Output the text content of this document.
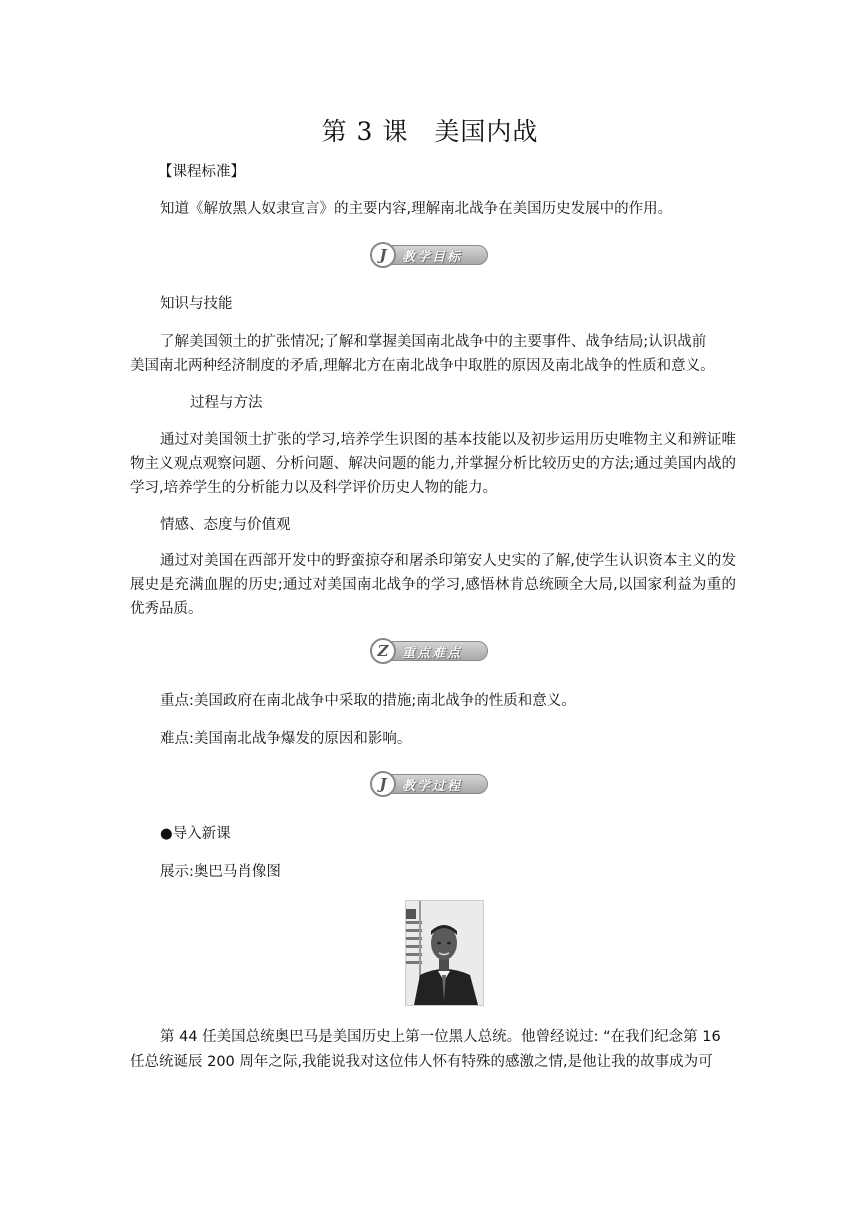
第 3 课　美国内战
【课程标准】
知道《解放黑人奴隶宣言》的主要内容,理解南北战争在美国历史发展中的作用。
J	教学目标
知识与技能
了解美国领土的扩张情况;了解和掌握美国南北战争中的主要事件、战争结局;认识战前
美国南北两种经济制度的矛盾,理解北方在南北战争中取胜的原因及南北战争的性质和意义。
过程与方法
通过对美国领土扩张的学习,培养学生识图的基本技能以及初步运用历史唯物主义和辨证唯物主义观点观察问题、分析问题、解决问题的能力,并掌握分析比较历史的方法;通过美国内战的学习,培养学生的分析能力以及科学评价历史人物的能力。
情感、态度与价值观
通过对美国在西部开发中的野蛮掠夺和屠杀印第安人史实的了解,使学生认识资本主义的发展史是充满血腥的历史;通过对美国南北战争的学习,感悟林肯总统顾全大局,以国家利益为重的优秀品质。
Z	重点难点
重点:美国政府在南北战争中采取的措施;南北战争的性质和意义。
难点:美国南北战争爆发的原因和影响。
J	教学过程
●导入新课
展示:奥巴马肖像图
第 44 任美国总统奥巴马是美国历史上第一位黑人总统。他曾经说过: “在我们纪念第 16
任总统诞辰 200 周年之际,我能说我对这位伟人怀有特殊的感激之情,是他让我的故事成为可
